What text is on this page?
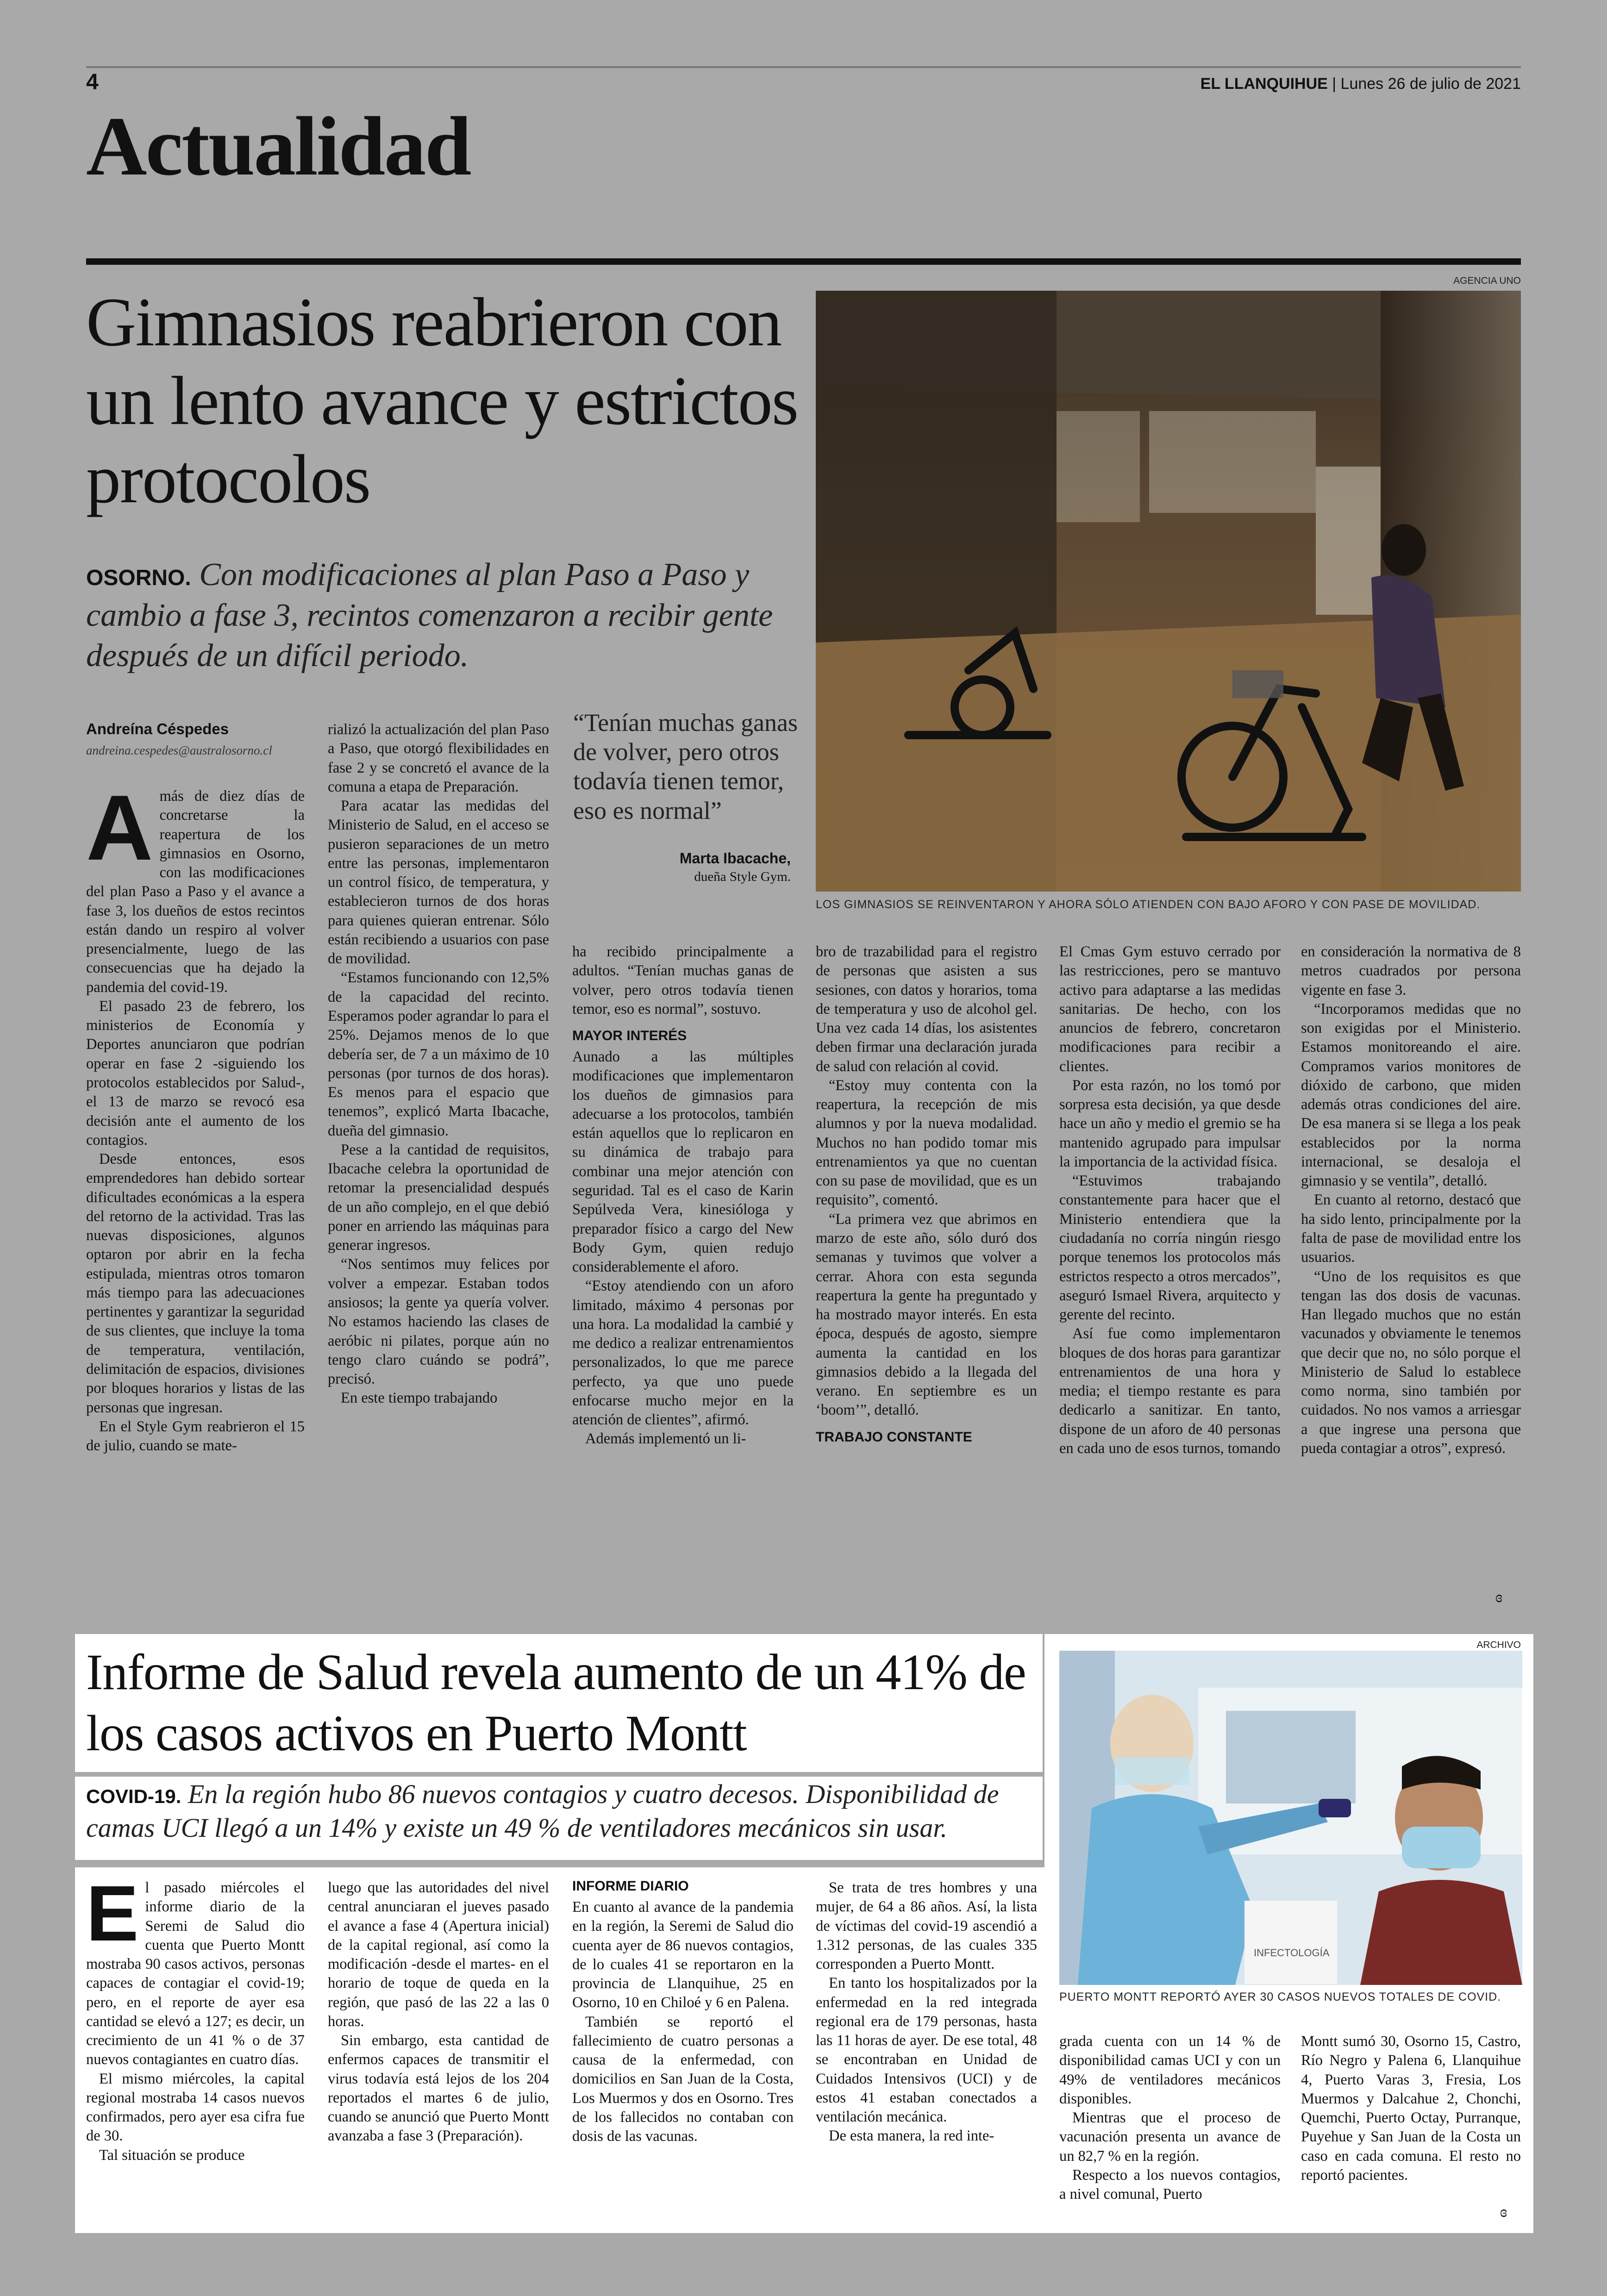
4	EL LLANQUIHUE | Lunes 26 de julio de 2021
Actualidad
Gimnasios reabrieron con un lento avance y estrictos protocolos
OSORNO. Con modificaciones al plan Paso a Paso y cambio a fase 3, recintos comenzaron a recibir gente después de un difícil periodo.
AGENCIA UNO
LOS GIMNASIOS SE REINVENTARON Y AHORA SÓLO ATIENDEN CON BAJO AFORO Y CON PASE DE MOVILIDAD.
Andreína Céspedes
andreina.cespedes@australosorno.cl
“Tenían muchas ganas de volver, pero otros todavía tienen temor, eso es normal”
Marta Ibacache,
dueña Style Gym.
A más de diez días de concretarse la reapertura de los gimnasios en Osorno, con las modificaciones del plan Paso a Paso y el avance a fase 3, los dueños de estos recintos están dando un respiro al volver presencialmente, luego de las consecuencias que ha dejado la pandemia del covid-19.

El pasado 23 de febrero, los ministerios de Economía y Deportes anunciaron que podrían operar en fase 2 -siguiendo los protocolos establecidos por Salud-, el 13 de marzo se revocó esa decisión ante el aumento de los contagios.

Desde entonces, esos emprendedores han debido sortear dificultades económicas a la espera del retorno de la actividad. Tras las nuevas disposiciones, algunos optaron por abrir en la fecha estipulada, mientras otros tomaron más tiempo para las adecuaciones pertinentes y garantizar la seguridad de sus clientes, que incluye la toma de temperatura, ventilación, delimitación de espacios, divisiones por bloques horarios y listas de las personas que ingresan.

En el Style Gym reabrieron el 15 de julio, cuando se mate-

rializó la actualización del plan Paso a Paso, que otorgó flexibilidades en fase 2 y se concretó el avance de la comuna a etapa de Preparación.

Para acatar las medidas del Ministerio de Salud, en el acceso se pusieron separaciones de un metro entre las personas, implementaron un control físico, de temperatura, y establecieron turnos de dos horas para quienes quieran entrenar. Sólo están recibiendo a usuarios con pase de movilidad.

“Estamos funcionando con 12,5% de la capacidad del recinto. Esperamos poder agrandar lo para el 25%. Dejamos menos de lo que debería ser, de 7 a un máximo de 10 personas (por turnos de dos horas). Es menos para el espacio que tenemos”, explicó Marta Ibacache, dueña del gimnasio.

Pese a la cantidad de requisitos, Ibacache celebra la oportunidad de retomar la presencialidad después de un año complejo, en el que debió poner en arriendo las máquinas para generar ingresos.

“Nos sentimos muy felices por volver a empezar. Estaban todos ansiosos; la gente ya quería volver. No estamos haciendo las clases de aeróbic ni pilates, porque aún no tengo claro cuándo se podrá”, precisó.

En este tiempo trabajando

ha recibido principalmente a adultos. “Tenían muchas ganas de volver, pero otros todavía tienen temor, eso es normal”, sostuvo.

MAYOR INTERÉS

Aunado a las múltiples modificaciones que implementaron los dueños de gimnasios para adecuarse a los protocolos, también están aquellos que lo replicaron en su dinámica de trabajo para combinar una mejor atención con seguridad. Tal es el caso de Karin Sepúlveda Vera, kinesióloga y preparador físico a cargo del New Body Gym, quien redujo considerablemente el aforo.

“Estoy atendiendo con un aforo limitado, máximo 4 personas por una hora. La modalidad la cambié y me dedico a realizar entrenamientos personalizados, lo que me parece perfecto, ya que uno puede enfocarse mucho mejor en la atención de clientes”, afirmó.

Además implementó un li-

bro de trazabilidad para el registro de personas que asisten a sus sesiones, con datos y horarios, toma de temperatura y uso de alcohol gel. Una vez cada 14 días, los asistentes deben firmar una declaración jurada de salud con relación al covid.

“Estoy muy contenta con la reapertura, la recepción de mis alumnos y por la nueva modalidad. Muchos no han podido tomar mis entrenamientos ya que no cuentan con su pase de movilidad, que es un requisito”, comentó.

“La primera vez que abrimos en marzo de este año, sólo duró dos semanas y tuvimos que volver a cerrar. Ahora con esta segunda reapertura la gente ha preguntado y ha mostrado mayor interés. En esta época, después de agosto, siempre aumenta la cantidad en los gimnasios debido a la llegada del verano. En septiembre es un ‘boom’”, detalló.

TRABAJO CONSTANTE

El Cmas Gym estuvo cerrado por las restricciones, pero se mantuvo activo para adaptarse a las medidas sanitarias. De hecho, con los anuncios de febrero, concretaron modificaciones para recibir a clientes.

Por esta razón, no los tomó por sorpresa esta decisión, ya que desde hace un año y medio el gremio se ha mantenido agrupado para impulsar la importancia de la actividad física.

“Estuvimos trabajando constantemente para hacer que el Ministerio entendiera que la ciudadanía no corría ningún riesgo porque tenemos los protocolos más estrictos respecto a otros mercados”, aseguró Ismael Rivera, arquitecto y gerente del recinto.

Así fue como implementaron bloques de dos horas para garantizar entrenamientos de una hora y media; el tiempo restante es para dedicarlo a sanitizar. En tanto, dispone de un aforo de 40 personas en cada uno de esos turnos, tomando

en consideración la normativa de 8 metros cuadrados por persona vigente en fase 3.

“Incorporamos medidas que no son exigidas por el Ministerio. Estamos monitoreando el aire. Compramos varios monitores de dióxido de carbono, que miden además otras condiciones del aire. De esa manera si se llega a los peak establecidos por la norma internacional, se desaloja el gimnasio y se ventila”, detalló.

En cuanto al retorno, destacó que ha sido lento, principalmente por la falta de pase de movilidad entre los usuarios.

“Uno de los requisitos es que tengan las dos dosis de vacunas. Han llegado muchos que no están vacunados y obviamente le tenemos que decir que no, no sólo porque el Ministerio de Salud lo establece como norma, sino también por cuidados. No nos vamos a arriesgar a que ingrese una persona que pueda contagiar a otros”, expresó.

ɞ
Informe de Salud revela aumento de un 41% de los casos activos en Puerto Montt
COVID-19. En la región hubo 86 nuevos contagios y cuatro decesos. Disponibilidad de camas UCI llegó a un 14% y existe un 49 % de ventiladores mecánicos sin usar.
ARCHIVO
INFECTOLOGÍA
PUERTO MONTT REPORTÓ AYER 30 CASOS NUEVOS TOTALES DE COVID.
E l pasado miércoles el informe diario de la Seremi de Salud dio cuenta que Puerto Montt mostraba 90 casos activos, personas capaces de contagiar el covid-19; pero, en el reporte de ayer esa cantidad se elevó a 127; es decir, un crecimiento de un 41 % o de 37 nuevos contagiantes en cuatro días.

El mismo miércoles, la capital regional mostraba 14 casos nuevos confirmados, pero ayer esa cifra fue de 30.

Tal situación se produce

luego que las autoridades del nivel central anunciaran el jueves pasado el avance a fase 4 (Apertura inicial) de la capital regional, así como la modificación -desde el martes- en el horario de toque de queda en la región, que pasó de las 22 a las 0 horas.

Sin embargo, esta cantidad de enfermos capaces de transmitir el virus todavía está lejos de los 204 reportados el martes 6 de julio, cuando se anunció que Puerto Montt avanzaba a fase 3 (Preparación).

INFORME DIARIO

En cuanto al avance de la pandemia en la región, la Seremi de Salud dio cuenta ayer de 86 nuevos contagios, de lo cuales 41 se reportaron en la provincia de Llanquihue, 25 en Osorno, 10 en Chiloé y 6 en Palena.

También se reportó el fallecimiento de cuatro personas a causa de la enfermedad, con domicilios en San Juan de la Costa, Los Muermos y dos en Osorno. Tres de los fallecidos no contaban con dosis de las vacunas.

Se trata de tres hombres y una mujer, de 64 a 86 años. Así, la lista de víctimas del covid-19 ascendió a 1.312 personas, de las cuales 335 corresponden a Puerto Montt.

En tanto los hospitalizados por la enfermedad en la red integrada regional era de 179 personas, hasta las 11 horas de ayer. De ese total, 48 se encontraban en Unidad de Cuidados Intensivos (UCI) y de estos 41 estaban conectados a ventilación mecánica.

De esta manera, la red inte-

grada cuenta con un 14 % de disponibilidad camas UCI y con un 49% de ventiladores mecánicos disponibles.

Mientras que el proceso de vacunación presenta un avance de un 82,7 % en la región.

Respecto a los nuevos contagios, a nivel comunal, Puerto

Montt sumó 30, Osorno 15, Castro, Río Negro y Palena 6, Llanquihue 4, Puerto Varas 3, Fresia, Los Muermos y Dalcahue 2, Chonchi, Quemchi, Puerto Octay, Purranque, Puyehue y San Juan de la Costa un caso en cada comuna. El resto no reportó pacientes.

ɞ
